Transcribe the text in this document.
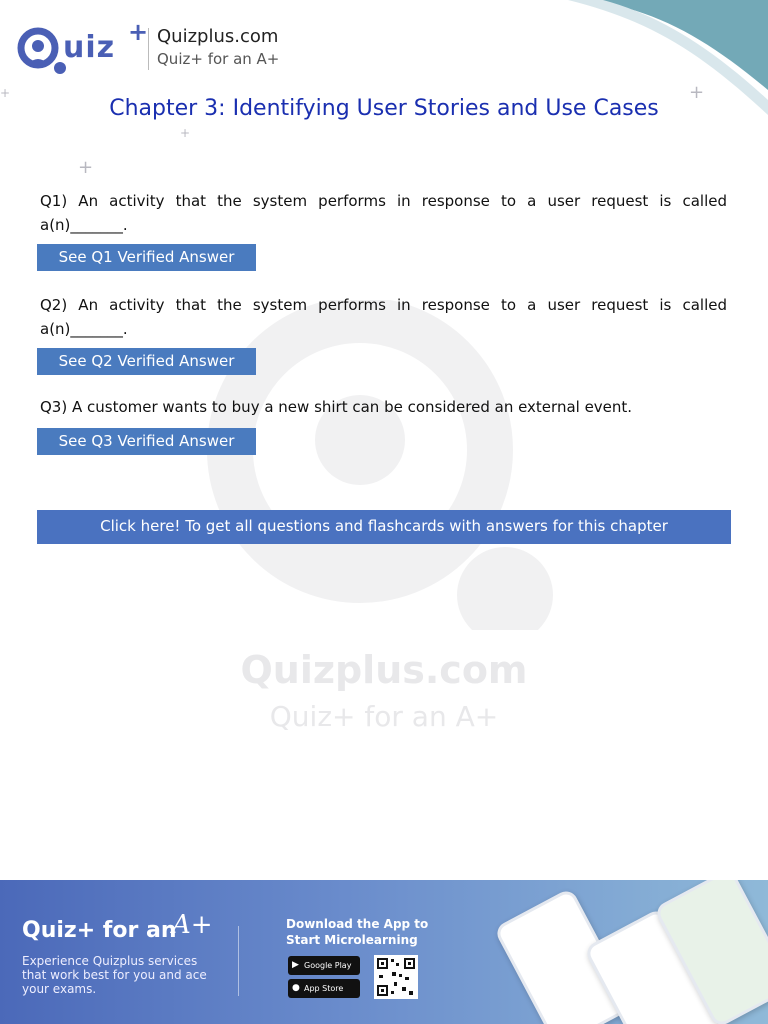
uiz + Quizplus.com
Quiz+ for an A+
+
+
+
+
Chapter 3: Identifying User Stories and Use Cases
Quizplus.com
Quiz+ for an A+
Q1) An activity that the system performs in response to a user request is called a(n)_______.
See Q1 Verified Answer
Q2) An activity that the system performs in response to a user request is called a(n)_______.
See Q2 Verified Answer
Q3) A customer wants to buy a new shirt can be considered an external event.
See Q3 Verified Answer
Click here! To get all questions and flashcards with answers for this chapter
Quiz+ for an
A+
Experience Quizplus services that work best for you and ace your exams.
Download the App to Start Microlearning
▶ Google Play
● App Store
